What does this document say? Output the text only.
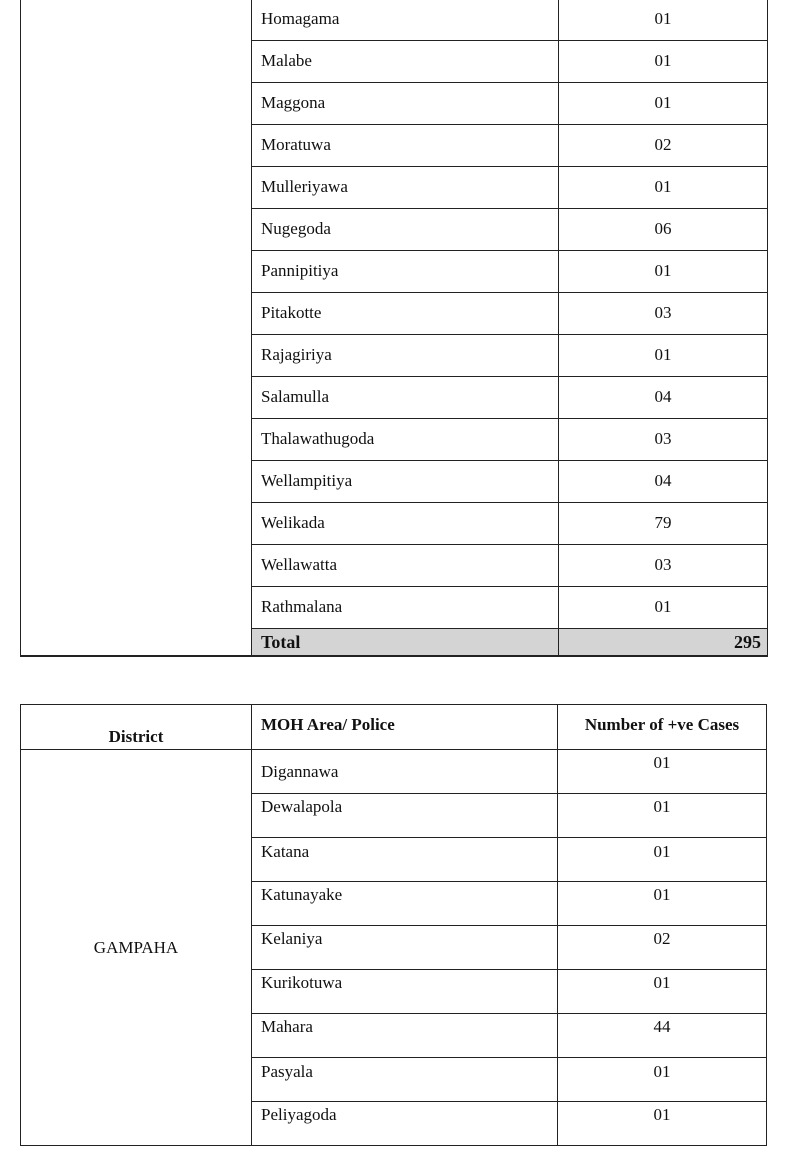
	Homagama	01
	Malabe	01
	Maggona	01
	Moratuwa	02
	Mulleriyawa	01
	Nugegoda	06
	Pannipitiya	01
	Pitakotte	03
	Rajagiriya	01
	Salamulla	04
	Thalawathugoda	03
	Wellampitiya	04
	Welikada	79
	Wellawatta	03
	Rathmalana	01
	Total	295
District	MOH Area/ Police	Number of +ve Cases
GAMPAHA	Digannawa	01
	Dewalapola	01
	Katana	01
	Katunayake	01
	Kelaniya	02
	Kurikotuwa	01
	Mahara	44
	Pasyala	01
	Peliyagoda	01
